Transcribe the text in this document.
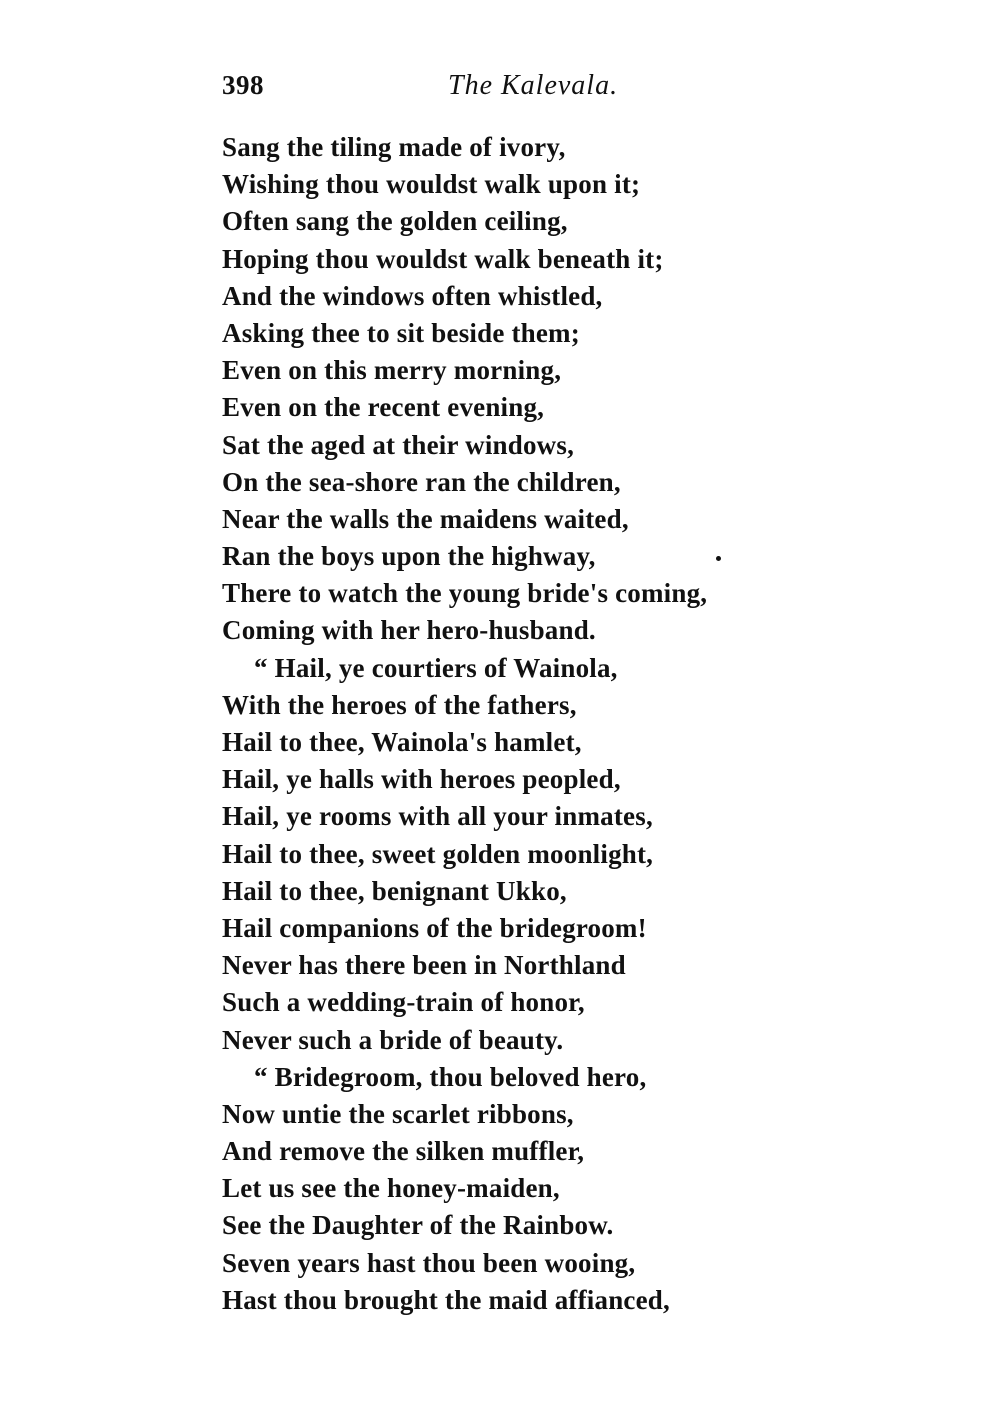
398	The Kalevala.
Sang the tiling made of ivory,
Wishing thou wouldst walk upon it;
Often sang the golden ceiling,
Hoping thou wouldst walk beneath it;
And the windows often whistled,
Asking thee to sit beside them;
Even on this merry morning,
Even on the recent evening,
Sat the aged at their windows,
On the sea-shore ran the children,
Near the walls the maidens waited,
Ran the boys upon the highway,
There to watch the young bride's coming,
Coming with her hero-husband.
“ Hail, ye courtiers of Wainola,
With the heroes of the fathers,
Hail to thee, Wainola's hamlet,
Hail, ye halls with heroes peopled,
Hail, ye rooms with all your inmates,
Hail to thee, sweet golden moonlight,
Hail to thee, benignant Ukko,
Hail companions of the bridegroom!
Never has there been in Northland
Such a wedding-train of honor,
Never such a bride of beauty.
“ Bridegroom, thou beloved hero,
Now untie the scarlet ribbons,
And remove the silken muffler,
Let us see the honey-maiden,
See the Daughter of the Rainbow.
Seven years hast thou been wooing,
Hast thou brought the maid affianced,
